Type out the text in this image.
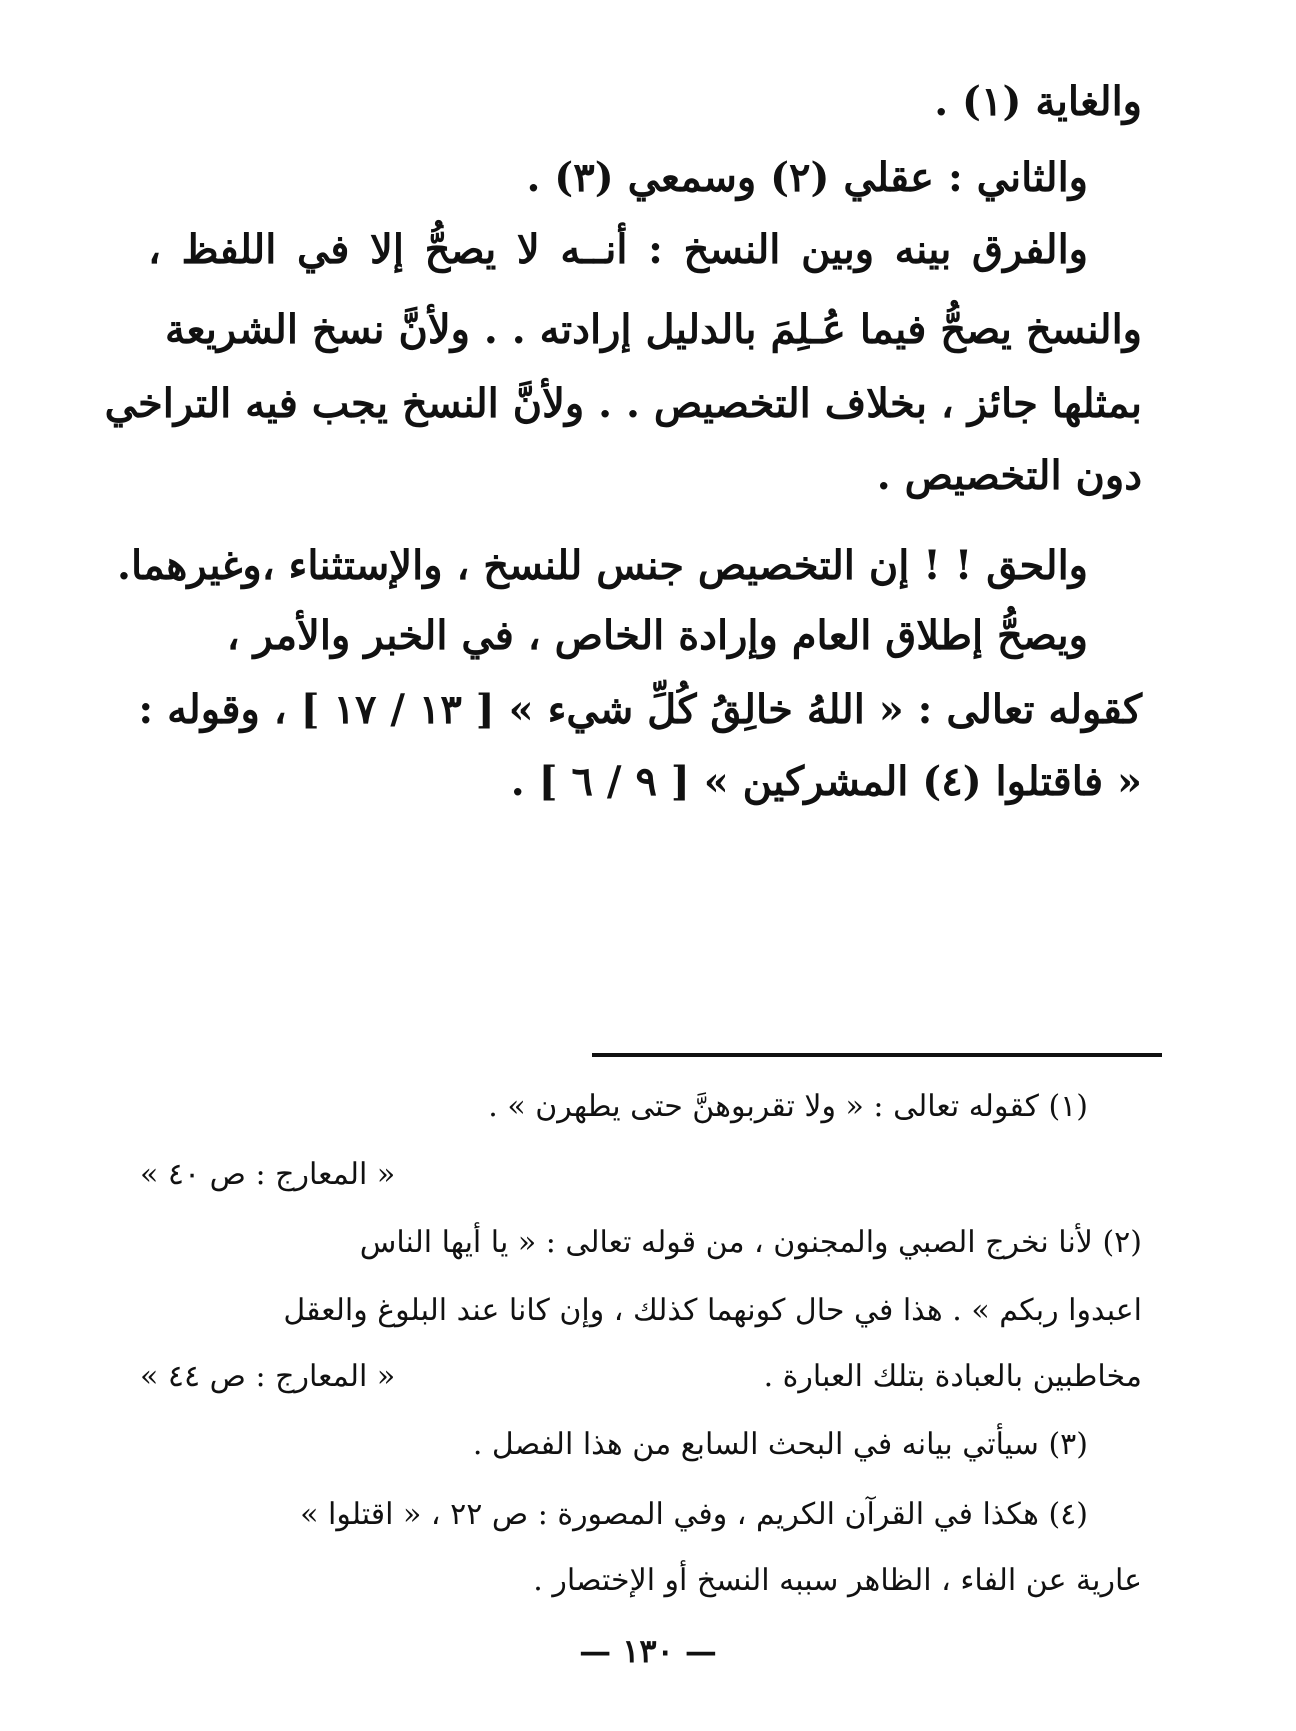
والغاية (١) .
والثاني : عقلي (٢) وسمعي (٣) .
والفرق بينه وبين النسخ : أنــه لا يصحُّ إلا في اللفظ ،
والنسخ يصحُّ فيما عُـلِمَ بالدليل إرادته . . ولأنَّ نسخ الشريعة
بمثلها جائز ، بخلاف التخصيص . . ولأنَّ النسخ يجب فيه التراخي
دون التخصيص .
والحق ! ! إن التخصيص جنس للنسخ ، والإستثناء ،وغيرهما.
ويصحُّ إطلاق العام وإرادة الخاص ، في الخبر والأمر ،
كقوله تعالى : « اللهُ خالِقُ كُلِّ شيء » [ ١٣ / ١٧ ] ، وقوله :
« فاقتلوا (٤) المشركين » [ ٩ / ٦ ] .
(١) كقوله تعالى : « ولا تقربوهنَّ حتى يطهرن » .
« المعارج : ص ٤٠ »
(٢) لأنا نخرج الصبي والمجنون ، من قوله تعالى : « يا أيها الناس
اعبدوا ربكم » . هذا في حال كونهما كذلك ، وإن كانا عند البلوغ والعقل
مخاطبين بالعبادة بتلك العبارة .
« المعارج : ص ٤٤ »
(٣) سيأتي بيانه في البحث السابع من هذا الفصل .
(٤) هكذا في القرآن الكريم ، وفي المصورة : ص ٢٢ ، « اقتلوا »
عارية عن الفاء ، الظاهر سببه النسخ أو الإختصار .
— ١٣٠ —
